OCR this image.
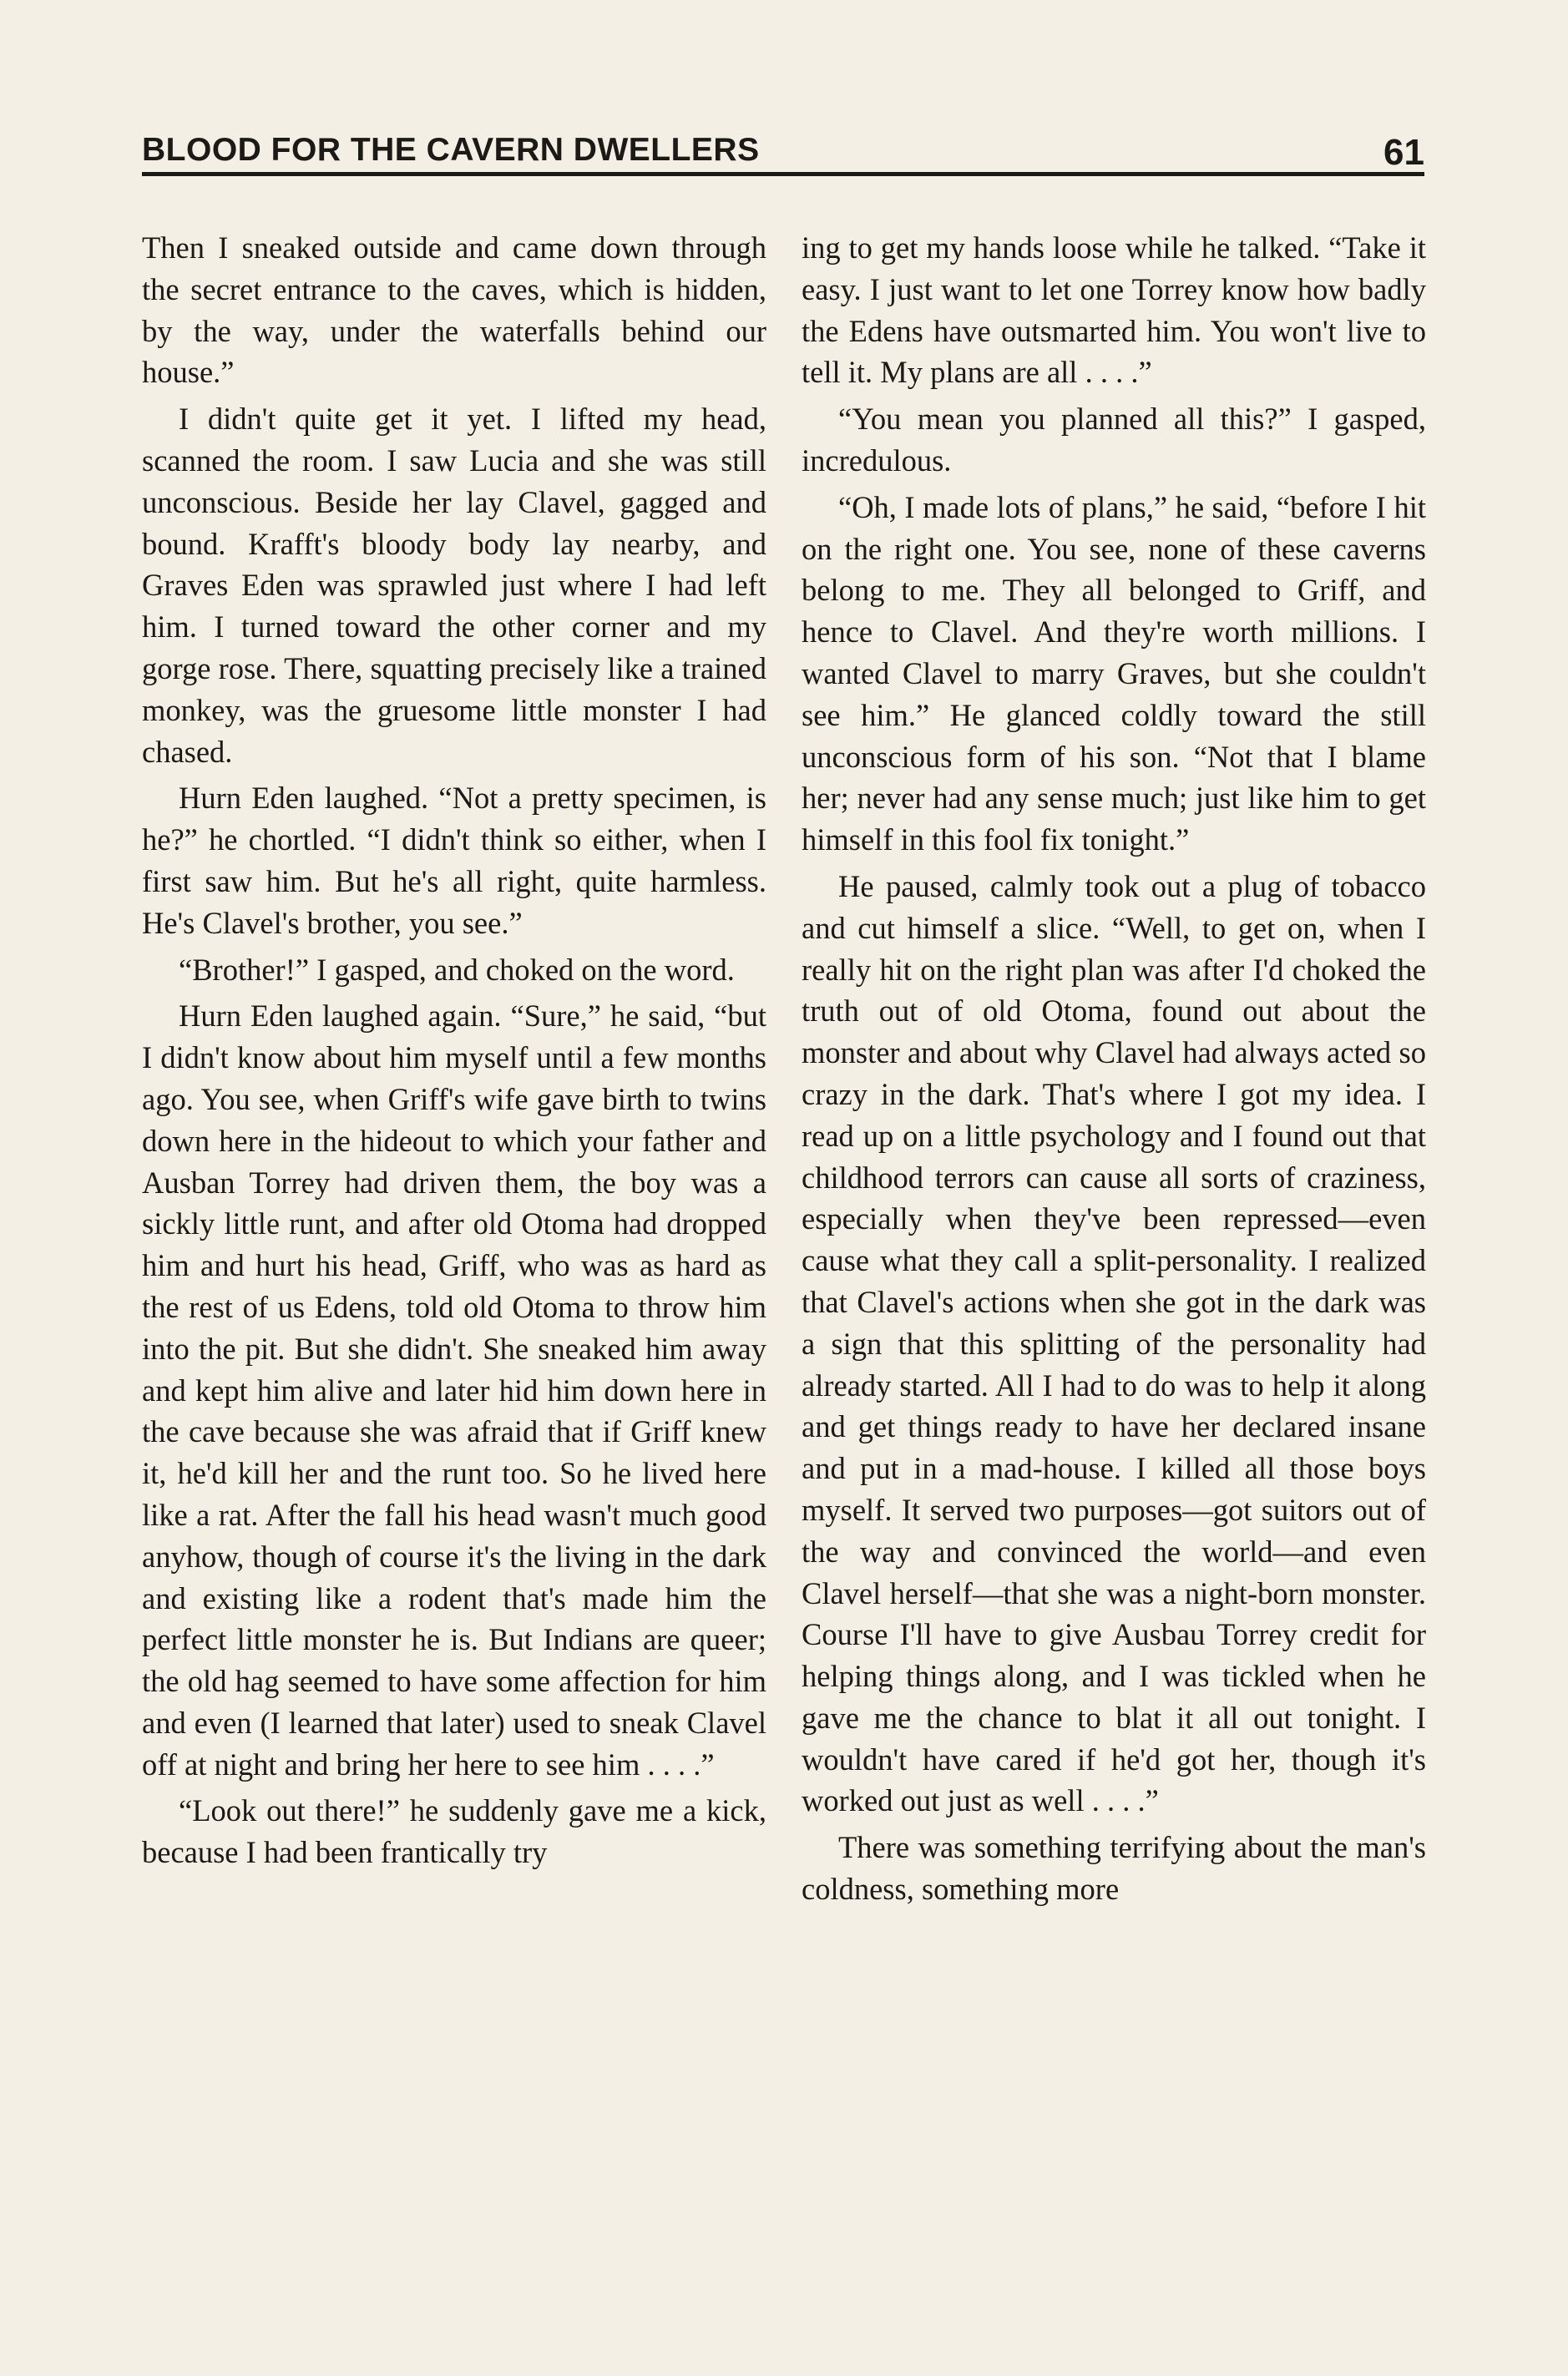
BLOOD FOR THE CAVERN DWELLERS	61

Then I sneaked outside and came down through the secret entrance to the caves, which is hidden, by the way, under the waterfalls behind our house.”

I didn't quite get it yet. I lifted my head, scanned the room. I saw Lucia and she was still unconscious. Beside her lay Clavel, gagged and bound. Krafft's bloody body lay nearby, and Graves Eden was sprawled just where I had left him. I turned toward the other corner and my gorge rose. There, squatting precisely like a trained monkey, was the gruesome little monster I had chased.

Hurn Eden laughed. “Not a pretty specimen, is he?” he chortled. “I didn't think so either, when I first saw him. But he's all right, quite harmless. He's Clavel's brother, you see.”

“Brother!” I gasped, and choked on the word.

Hurn Eden laughed again. “Sure,” he said, “but I didn't know about him myself until a few months ago. You see, when Griff's wife gave birth to twins down here in the hideout to which your father and Ausban Torrey had driven them, the boy was a sickly little runt, and after old Otoma had dropped him and hurt his head, Griff, who was as hard as the rest of us Edens, told old Otoma to throw him into the pit. But she didn't. She sneaked him away and kept him alive and later hid him down here in the cave because she was afraid that if Griff knew it, he'd kill her and the runt too. So he lived here like a rat. After the fall his head wasn't much good anyhow, though of course it's the living in the dark and existing like a rodent that's made him the perfect little monster he is. But Indians are queer; the old hag seemed to have some affection for him and even (I learned that later) used to sneak Clavel off at night and bring her here to see him . . . .”

“Look out there!” he suddenly gave me a kick, because I had been frantically try

ing to get my hands loose while he talked. “Take it easy. I just want to let one Torrey know how badly the Edens have outsmarted him. You won't live to tell it. My plans are all . . . .”

“You mean you planned all this?” I gasped, incredulous.

“Oh, I made lots of plans,” he said, “before I hit on the right one. You see, none of these caverns belong to me. They all belonged to Griff, and hence to Clavel. And they're worth millions. I wanted Clavel to marry Graves, but she couldn't see him.” He glanced coldly toward the still unconscious form of his son. “Not that I blame her; never had any sense much; just like him to get himself in this fool fix tonight.”

He paused, calmly took out a plug of tobacco and cut himself a slice. “Well, to get on, when I really hit on the right plan was after I'd choked the truth out of old Otoma, found out about the monster and about why Clavel had always acted so crazy in the dark. That's where I got my idea. I read up on a little psychology and I found out that childhood terrors can cause all sorts of craziness, especially when they've been repressed—even cause what they call a split-personality. I realized that Clavel's actions when she got in the dark was a sign that this splitting of the personality had already started. All I had to do was to help it along and get things ready to have her declared insane and put in a mad-house. I killed all those boys myself. It served two purposes—got suitors out of the way and convinced the world—and even Clavel herself—that she was a night-born monster. Course I'll have to give Ausbau Torrey credit for helping things along, and I was tickled when he gave me the chance to blat it all out tonight. I wouldn't have cared if he'd got her, though it's worked out just as well . . . .”

There was something terrifying about the man's coldness, something more
